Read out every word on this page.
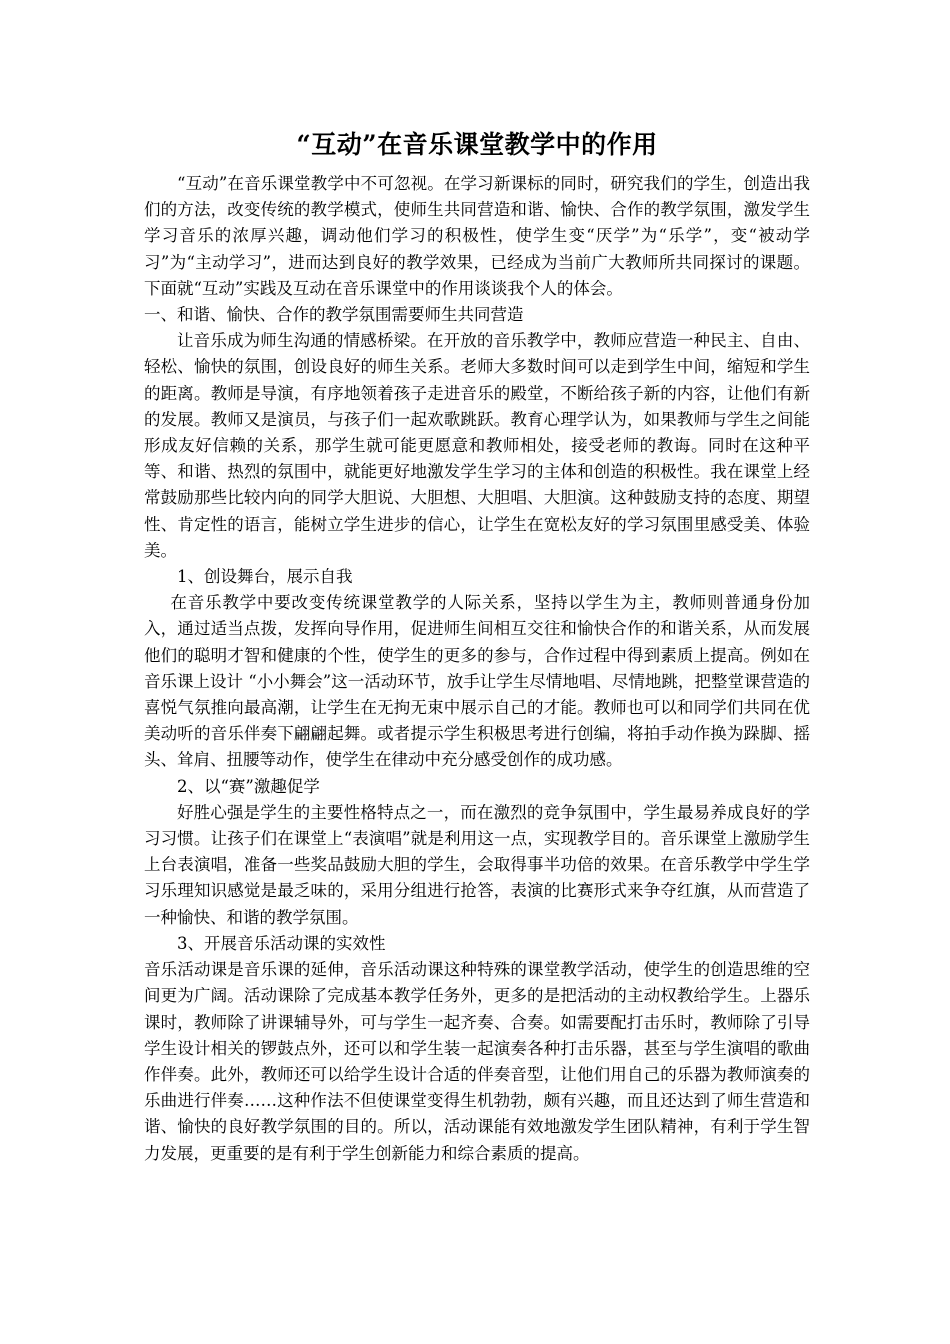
“互动”在音乐课堂教学中的作用

“互动”在音乐课堂教学中不可忽视。在学习新课标的同时，研究我们的学生，创造出我们的方法，改变传统的教学模式，使师生共同营造和谐、愉快、合作的教学氛围，激发学生学习音乐的浓厚兴趣，调动他们学习的积极性，使学生变“厌学”为“乐学”，变“被动学习”为“主动学习”，进而达到良好的教学效果，已经成为当前广大教师所共同探讨的课题。下面就“互动”实践及互动在音乐课堂中的作用谈谈我个人的体会。

一、和谐、愉快、合作的教学氛围需要师生共同营造

让音乐成为师生沟通的情感桥梁。在开放的音乐教学中，教师应营造一种民主、自由、轻松、愉快的氛围，创设良好的师生关系。老师大多数时间可以走到学生中间，缩短和学生的距离。教师是导演，有序地领着孩子走进音乐的殿堂，不断给孩子新的内容，让他们有新的发展。教师又是演员，与孩子们一起欢歌跳跃。教育心理学认为，如果教师与学生之间能形成友好信赖的关系，那学生就可能更愿意和教师相处，接受老师的教诲。同时在这种平等、和谐、热烈的氛围中，就能更好地激发学生学习的主体和创造的积极性。我在课堂上经常鼓励那些比较内向的同学大胆说、大胆想、大胆唱、大胆演。这种鼓励支持的态度、期望性、肯定性的语言，能树立学生进步的信心，让学生在宽松友好的学习氛围里感受美、体验美。

1、创设舞台，展示自我

在音乐教学中要改变传统课堂教学的人际关系，坚持以学生为主，教师则普通身份加入，通过适当点拨，发挥向导作用，促进师生间相互交往和愉快合作的和谐关系，从而发展他们的聪明才智和健康的个性，使学生的更多的参与，合作过程中得到素质上提高。例如在音乐课上设计 “小小舞会”这一活动环节，放手让学生尽情地唱、尽情地跳，把整堂课营造的喜悦气氛推向最高潮，让学生在无拘无束中展示自己的才能。教师也可以和同学们共同在优美动听的音乐伴奏下翩翩起舞。或者提示学生积极思考进行创编，将拍手动作换为跺脚、摇头、耸肩、扭腰等动作，使学生在律动中充分感受创作的成功感。

2、以“赛”激趣促学

好胜心强是学生的主要性格特点之一，而在激烈的竞争氛围中，学生最易养成良好的学习习惯。让孩子们在课堂上“表演唱”就是利用这一点，实现教学目的。音乐课堂上激励学生上台表演唱，准备一些奖品鼓励大胆的学生，会取得事半功倍的效果。在音乐教学中学生学习乐理知识感觉是最乏味的，采用分组进行抢答，表演的比赛形式来争夺红旗，从而营造了一种愉快、和谐的教学氛围。

3、开展音乐活动课的实效性

音乐活动课是音乐课的延伸，音乐活动课这种特殊的课堂教学活动，使学生的创造思维的空间更为广阔。活动课除了完成基本教学任务外，更多的是把活动的主动权教给学生。上器乐课时，教师除了讲课辅导外，可与学生一起齐奏、合奏。如需要配打击乐时，教师除了引导学生设计相关的锣鼓点外，还可以和学生装一起演奏各种打击乐器，甚至与学生演唱的歌曲作伴奏。此外，教师还可以给学生设计合适的伴奏音型，让他们用自己的乐器为教师演奏的乐曲进行伴奏……这种作法不但使课堂变得生机勃勃，颇有兴趣，而且还达到了师生营造和谐、愉快的良好教学氛围的目的。所以，活动课能有效地激发学生团队精神，有利于学生智力发展，更重要的是有利于学生创新能力和综合素质的提高。
